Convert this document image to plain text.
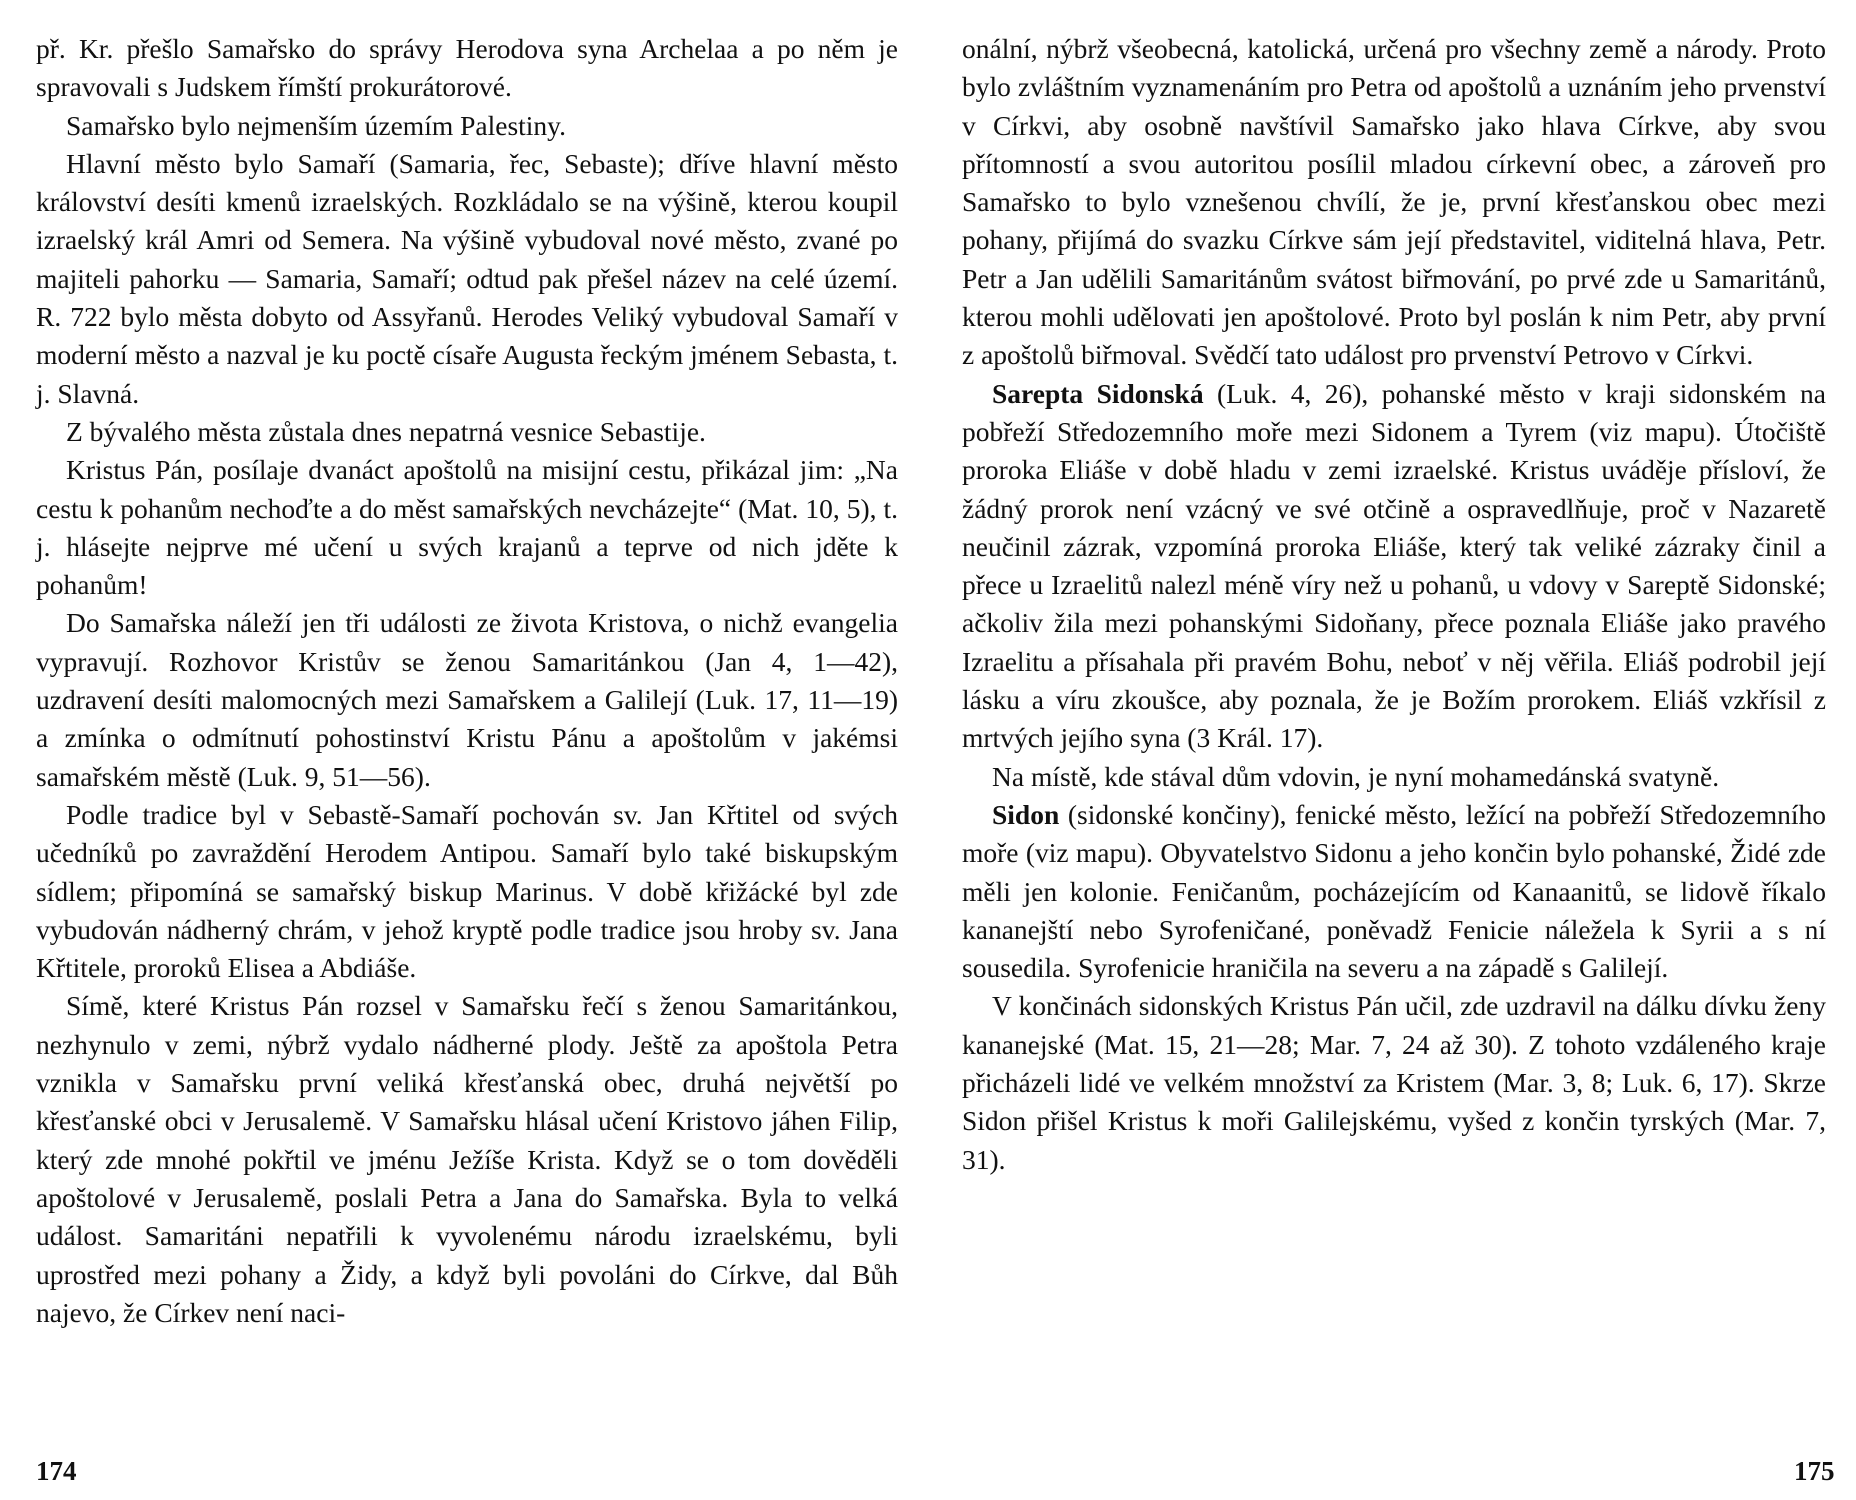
př. Kr. přešlo Samařsko do správy Herodova syna Archelaa a po něm je spravovali s Judskem římští prokurátorové.

Samařsko bylo nejmenším územím Palestiny.

Hlavní město bylo Samaří (Samaria, řec, Sebaste); dříve hlavní město království desíti kmenů izraelských. Rozkládalo se na výšině, kterou koupil izraelský král Amri od Semera. Na výšině vybudoval nové město, zvané po majiteli pahorku — Samaria, Samaří; odtud pak přešel název na celé území. R. 722 bylo města dobyto od Assyřanů. Herodes Veliký vybudoval Samaří v moderní město a nazval je ku poctě císaře Augusta řeckým jménem Sebasta, t. j. Slavná.

Z bývalého města zůstala dnes nepatrná vesnice Sebastije.

Kristus Pán, posílaje dvanáct apoštolů na misijní cestu, přikázal jim: „Na cestu k pohanům nechoďte a do měst samařských nevcházejte“ (Mat. 10, 5), t. j. hlásejte nejprve mé učení u svých krajanů a teprve od nich jděte k pohanům!

Do Samařska náleží jen tři události ze života Kristova, o nichž evangelia vypravují. Rozhovor Kristův se ženou Samaritánkou (Jan 4, 1—42), uzdravení desíti malomocných mezi Samařskem a Galilejí (Luk. 17, 11—19) a zmínka o odmítnutí pohostinství Kristu Pánu a apoštolům v jakémsi samařském městě (Luk. 9, 51—56).

Podle tradice byl v Sebastě-Samaří pochován sv. Jan Křtitel od svých učedníků po zavraždění Herodem Antipou. Samaří bylo také biskupským sídlem; připomíná se samařský biskup Marinus. V době křižácké byl zde vybudován nádherný chrám, v jehož kryptě podle tradice jsou hroby sv. Jana Křtitele, proroků Elisea a Abdiáše.

Símě, které Kristus Pán rozsel v Samařsku řečí s ženou Samaritánkou, nezhynulo v zemi, nýbrž vydalo nádherné plody. Ještě za apoštola Petra vznikla v Samařsku první veliká křesťanská obec, druhá největší po křesťanské obci v Jerusalemě. V Samařsku hlásal učení Kristovo jáhen Filip, který zde mnohé pokřtil ve jménu Ježíše Krista. Když se o tom dověděli apoštolové v Jerusalemě, poslali Petra a Jana do Samařska. Byla to velká událost. Samaritáni nepatřili k vyvolenému národu izraelskému, byli uprostřed mezi pohany a Židy, a když byli povoláni do Církve, dal Bůh najevo, že Církev není naci-

onální, nýbrž všeobecná, katolická, určená pro všechny země a národy. Proto bylo zvláštním vyznamenáním pro Petra od apoštolů a uznáním jeho prvenství v Církvi, aby osobně navštívil Samařsko jako hlava Církve, aby svou přítomností a svou autoritou posílil mladou církevní obec, a zároveň pro Samařsko to bylo vznešenou chvílí, že je, první křesťanskou obec mezi pohany, přijímá do svazku Církve sám její představitel, viditelná hlava, Petr. Petr a Jan udělili Samaritánům svátost biřmování, po prvé zde u Samaritánů, kterou mohli udělovati jen apoštolové. Proto byl poslán k nim Petr, aby první z apoštolů biřmoval. Svědčí tato událost pro prvenství Petrovo v Církvi.

Sarepta Sidonská (Luk. 4, 26), pohanské město v kraji sidonském na pobřeží Středozemního moře mezi Sidonem a Tyrem (viz mapu). Útočiště proroka Eliáše v době hladu v zemi izraelské. Kristus uváděje přísloví, že žádný prorok není vzácný ve své otčině a ospravedlňuje, proč v Nazaretě neučinil zázrak, vzpomíná proroka Eliáše, který tak veliké zázraky činil a přece u Izraelitů nalezl méně víry než u pohanů, u vdovy v Sareptě Sidonské; ačkoliv žila mezi pohanskými Sidoňany, přece poznala Eliáše jako pravého Izraelitu a přísahala při pravém Bohu, neboť v něj věřila. Eliáš podrobil její lásku a víru zkoušce, aby poznala, že je Božím prorokem. Eliáš vzkřísil z mrtvých jejího syna (3 Král. 17).

Na místě, kde stával dům vdovin, je nyní mohamedánská svatyně.

Sidon (sidonské končiny), fenické město, ležící na pobřeží Středozemního moře (viz mapu). Obyvatelstvo Sidonu a jeho končin bylo pohanské, Židé zde měli jen kolonie. Feničanům, pocházejícím od Kanaanitů, se lidově říkalo kananejští nebo Syrofeničané, poněvadž Fenicie náležela k Syrii a s ní sousedila. Syrofenicie hraničila na severu a na západě s Galilejí.

V končinách sidonských Kristus Pán učil, zde uzdravil na dálku dívku ženy kananejské (Mat. 15, 21—28; Mar. 7, 24 až 30). Z tohoto vzdáleného kraje přicházeli lidé ve velkém množství za Kristem (Mar. 3, 8; Luk. 6, 17). Skrze Sidon přišel Kristus k moři Galilejskému, vyšed z končin tyrských (Mar. 7, 31).

174	175
